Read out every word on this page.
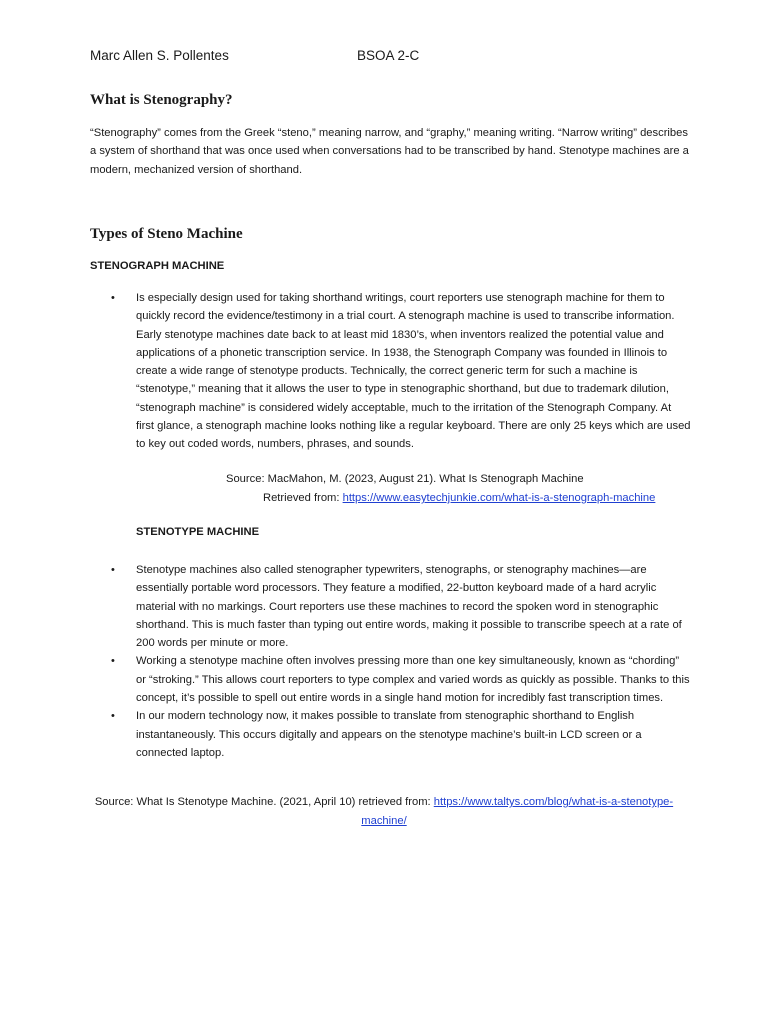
Marc Allen S. Pollentes	BSOA 2-C
What is Stenography?

“Stenography” comes from the Greek “steno,” meaning narrow, and “graphy,” meaning writing. “Narrow writing” describes a system of shorthand that was once used when conversations had to be transcribed by hand. Stenotype machines are a modern, mechanized version of shorthand.

Types of Steno Machine
STENOGRAPH MACHINE
• Is especially design used for taking shorthand writings, court reporters use stenograph machine for them to quickly record the evidence/testimony in a trial court. A stenograph machine is used to transcribe information. Early stenotype machines date back to at least mid 1830’s, when inventors realized the potential value and applications of a phonetic transcription service. In 1938, the Stenograph Company was founded in Illinois to create a wide range of stenotype products. Technically, the correct generic term for such a machine is “stenotype,” meaning that it allows the user to type in stenographic shorthand, but due to trademark dilution, “stenograph machine” is considered widely acceptable, much to the irritation of the Stenograph Company. At first glance, a stenograph machine looks nothing like a regular keyboard. There are only 25 keys which are used to key out coded words, numbers, phrases, and sounds.

Source: MacMahon, M. (2023, August 21). What Is Stenograph Machine

Retrieved from: https://www.easytechjunkie.com/what-is-a-stenograph-machine

STENOTYPE MACHINE
• Stenotype machines also called stenographer typewriters, stenographs, or stenography machines—are essentially portable word processors. They feature a modified, 22-button keyboard made of a hard acrylic material with no markings. Court reporters use these machines to record the spoken word in stenographic shorthand. This is much faster than typing out entire words, making it possible to transcribe speech at a rate of 200 words per minute or more.
• Working a stenotype machine often involves pressing more than one key simultaneously, known as “chording” or “stroking.” This allows court reporters to type complex and varied words as quickly as possible. Thanks to this concept, it’s possible to spell out entire words in a single hand motion for incredibly fast transcription times.
• In our modern technology now, it makes possible to translate from stenographic shorthand to English instantaneously. This occurs digitally and appears on the stenotype machine’s built-in LCD screen or a connected laptop.

Source: What Is Stenotype Machine. (2021, April 10) retrieved from: https://www.taltys.com/blog/what-is-a-stenotype-machine/
